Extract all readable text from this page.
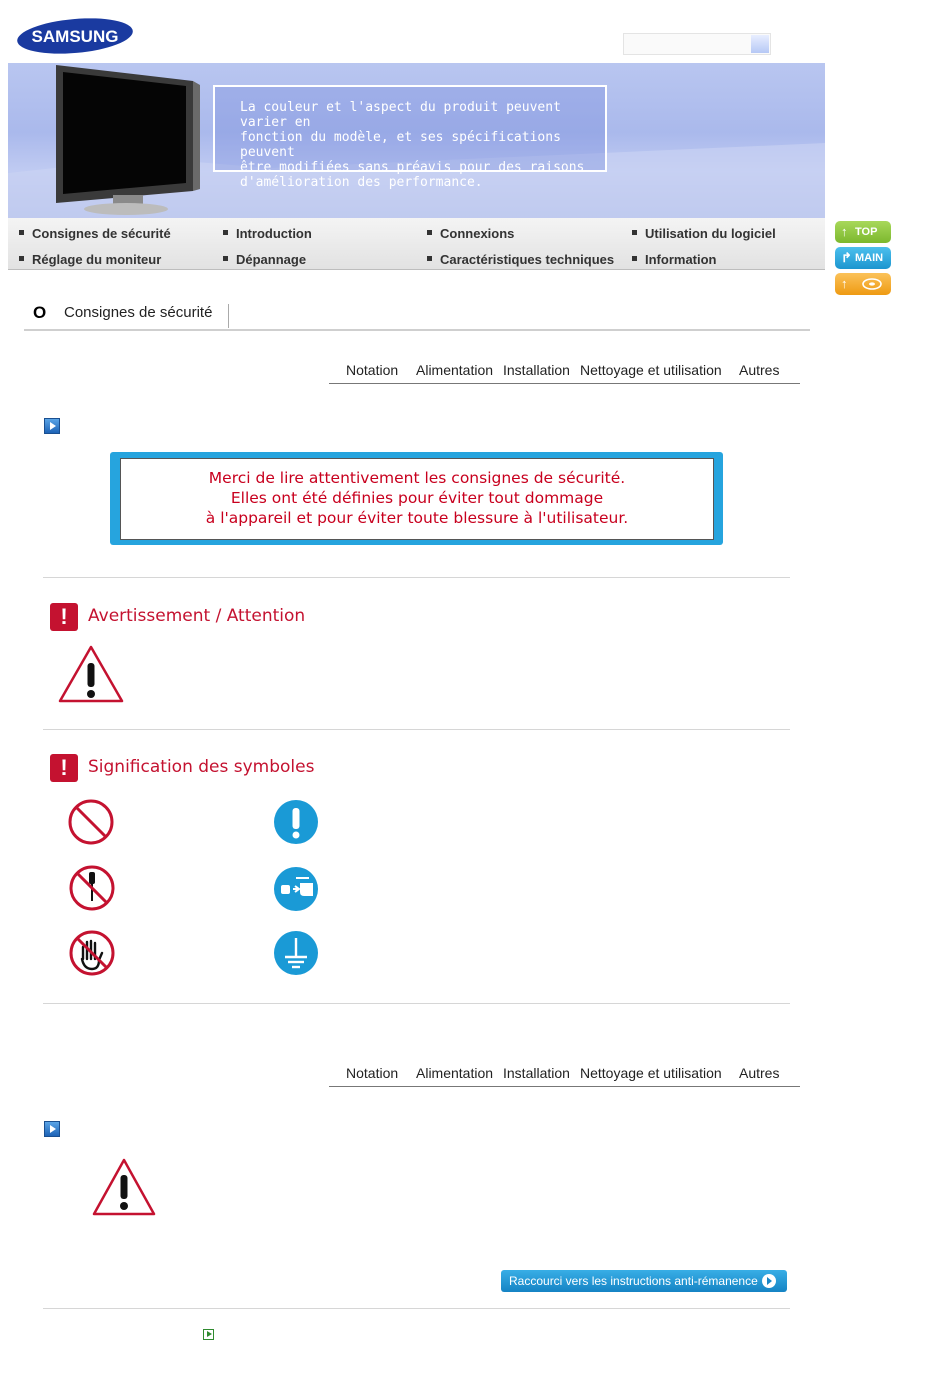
SAMSUNG
La couleur et l'aspect du produit peuvent varier en
fonction du modèle, et ses spécifications peuvent
être modifiées sans préavis pour des raisons
d'amélioration des performance.
Consignes de sécurité	Introduction	Connexions	Utilisation du logiciel
Réglage du moniteur	Dépannage	Caractéristiques techniques	Information
↑ TOP
↱ MAIN
↑
O Consignes de sécurité
Notation Alimentation Installation Nettoyage et utilisation Autres
Merci de lire attentivement les consignes de sécurité.
Elles ont été définies pour éviter tout dommage
à l'appareil et pour éviter toute blessure à l'utilisateur.
!	Avertissement / Attention
!	Signification des symboles
Notation Alimentation Installation Nettoyage et utilisation Autres
Raccourci vers les instructions anti-rémanence
